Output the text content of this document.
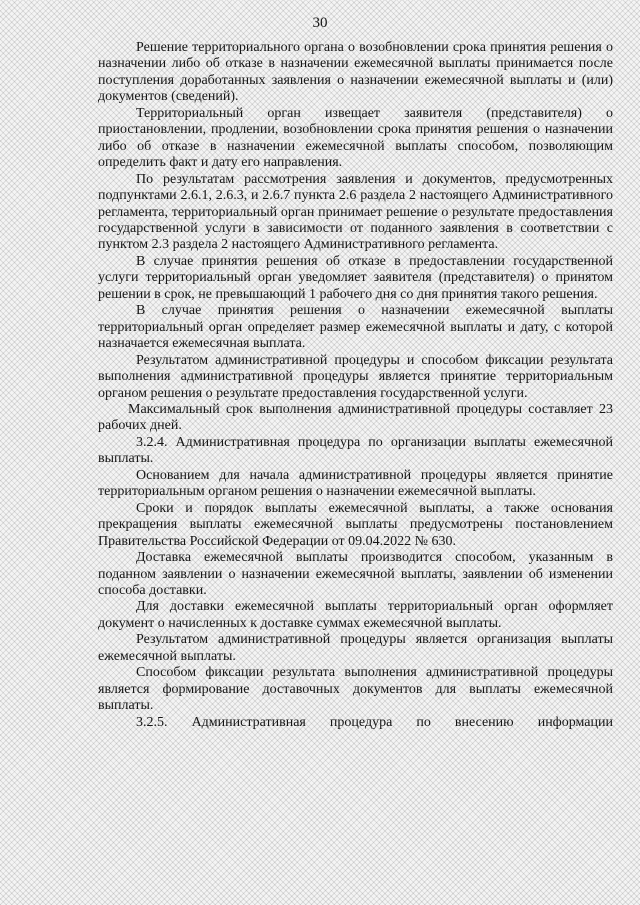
30

Решение территориального органа о возобновлении срока принятия решения о назначении либо об отказе в назначении ежемесячной выплаты принимается после поступления доработанных заявления о назначении ежемесячной выплаты и (или) документов (сведений).

Территориальный орган извещает заявителя (представителя) о приостановлении, продлении, возобновлении срока принятия решения о назначении либо об отказе в назначении ежемесячной выплаты способом, позволяющим определить факт и дату его направления.

По результатам рассмотрения заявления и документов, предусмотренных подпунктами 2.6.1, 2.6.3, и 2.6.7 пункта 2.6 раздела 2 настоящего Административного регламента, территориальный орган принимает решение о результате предоставления государственной услуги в зависимости от поданного заявления в соответствии с пунктом 2.3 раздела 2 настоящего Административного регламента.

В случае принятия решения об отказе в предоставлении государственной услуги территориальный орган уведомляет заявителя (представителя) о принятом решении в срок, не превышающий 1 рабочего дня со дня принятия такого решения.

В случае принятия решения о назначении ежемесячной выплаты территориальный орган определяет размер ежемесячной выплаты и дату, с которой назначается ежемесячная выплата.

Результатом административной процедуры и способом фиксации результата выполнения административной процедуры является принятие территориальным органом решения о результате предоставления государственной услуги.

Максимальный срок выполнения административной процедуры составляет 23 рабочих дней.

3.2.4. Административная процедура по организации выплаты ежемесячной выплаты.

Основанием для начала административной процедуры является принятие территориальным органом решения о назначении ежемесячной выплаты.

Сроки и порядок выплаты ежемесячной выплаты, а также основания прекращения выплаты ежемесячной выплаты предусмотрены постановлением Правительства Российской Федерации от 09.04.2022 № 630.

Доставка ежемесячной выплаты производится способом, указанным в поданном заявлении о назначении ежемесячной выплаты, заявлении об изменении способа доставки.

Для доставки ежемесячной выплаты территориальный орган оформляет документ о начисленных к доставке суммах ежемесячной выплаты.

Результатом административной процедуры является организация выплаты ежемесячной выплаты.

Способом фиксации результата выполнения административной процедуры является формирование доставочных документов для выплаты ежемесячной выплаты.

3.2.5. Административная процедура по внесению информации
